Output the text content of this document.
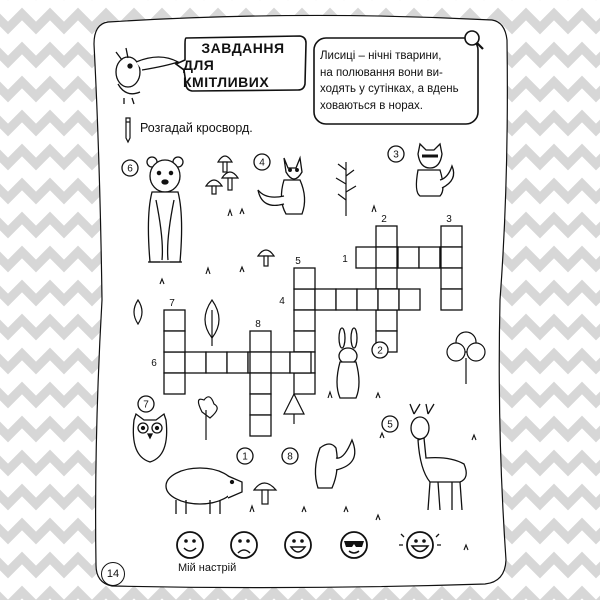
1
2	3
4
5
6
7
8
6
4
3
2
7
8
1
5
ЗАВДАННЯ
ДЛЯ КМІТЛИВИХ
Лисиці – нічні тварини,
на полювання вони ви-
ходять у сутінках, а вдень
ховаються в норах.
Розгадай кросворд.
14	Мій настрій
